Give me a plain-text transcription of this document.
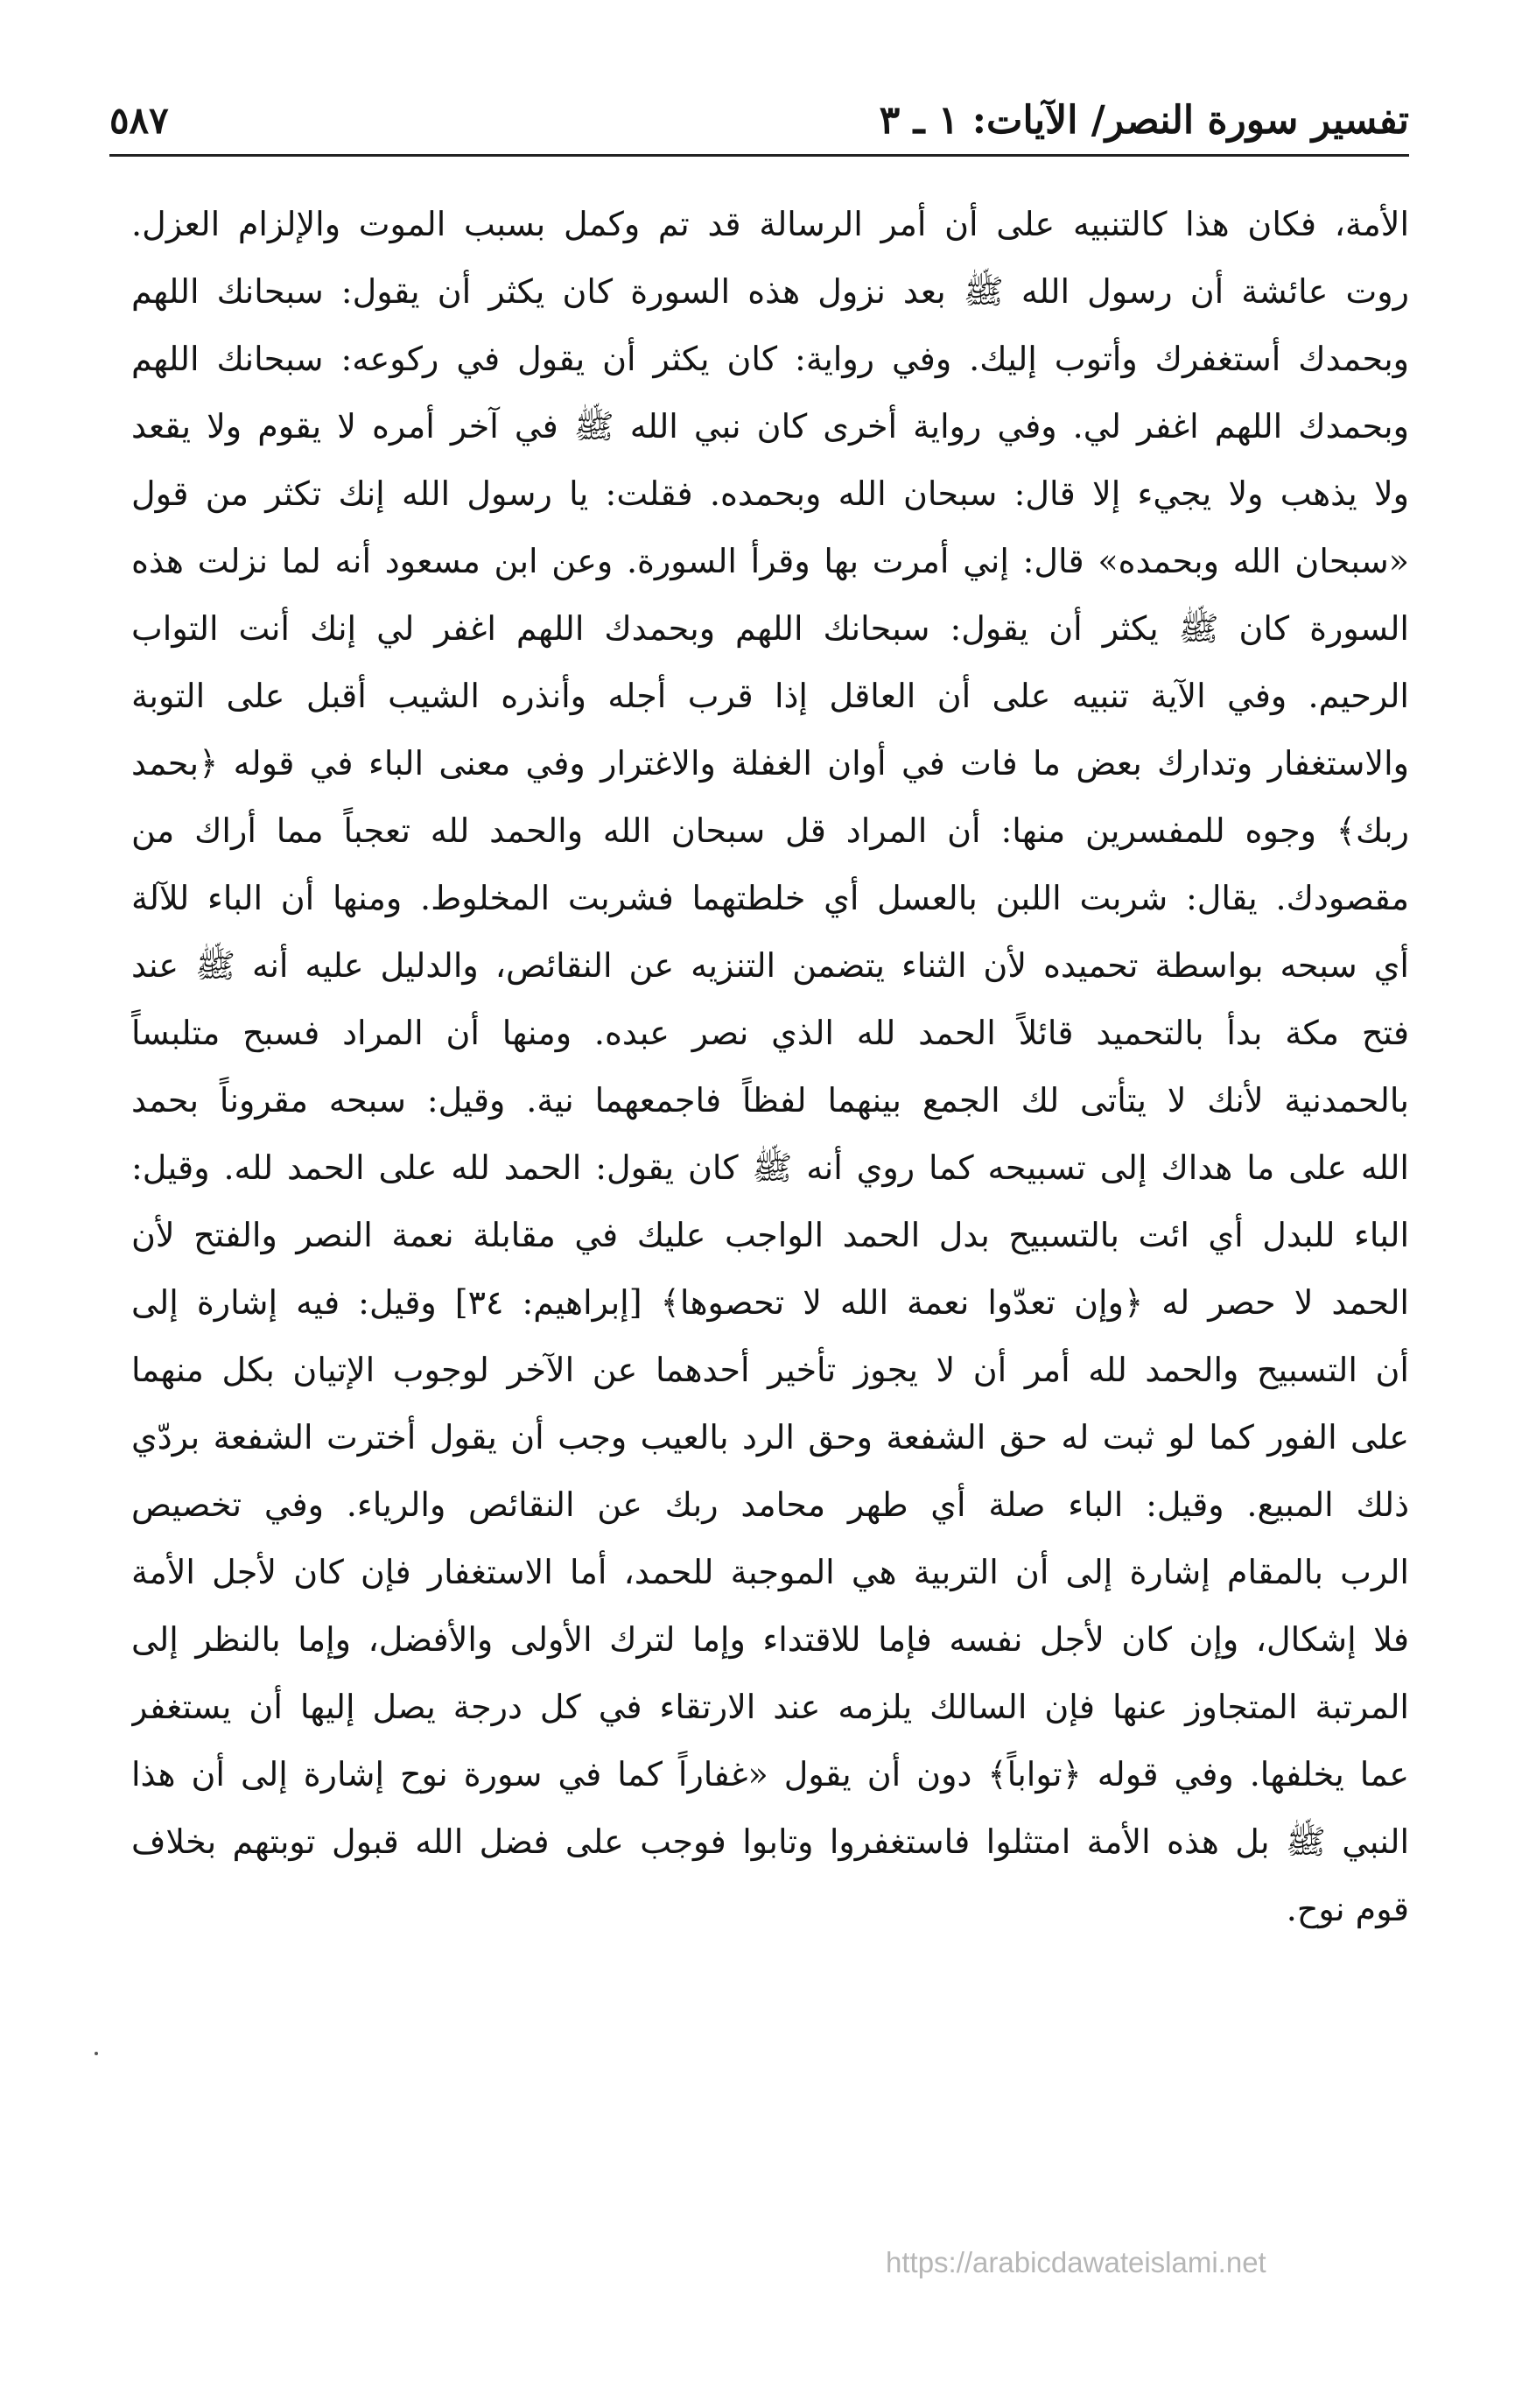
تفسير سورة النصر/ الآيات: ١ ـ ٣
٥٨٧
الأمة، فكان هذا كالتنبيه على أن أمر الرسالة قد تم وكمل بسبب الموت والإلزام العزل.
روت عائشة أن رسول الله ﷺ بعد نزول هذه السورة كان يكثر أن يقول: سبحانك اللهم
وبحمدك أستغفرك وأتوب إليك. وفي رواية: كان يكثر أن يقول في ركوعه: سبحانك اللهم
وبحمدك اللهم اغفر لي. وفي رواية أخرى كان نبي الله ﷺ في آخر أمره لا يقوم ولا يقعد
ولا يذهب ولا يجيء إلا قال: سبحان الله وبحمده. فقلت: يا رسول الله إنك تكثر من قول
«سبحان الله وبحمده» قال: إني أمرت بها وقرأ السورة. وعن ابن مسعود أنه لما نزلت هذه
السورة كان ﷺ يكثر أن يقول: سبحانك اللهم وبحمدك اللهم اغفر لي إنك أنت التواب
الرحيم. وفي الآية تنبيه على أن العاقل إذا قرب أجله وأنذره الشيب أقبل على التوبة
والاستغفار وتدارك بعض ما فات في أوان الغفلة والاغترار وفي معنى الباء في قوله ﴿بحمد
ربك﴾ وجوه للمفسرين منها: أن المراد قل سبحان الله والحمد لله تعجباً مما أراك من
مقصودك. يقال: شربت اللبن بالعسل أي خلطتهما فشربت المخلوط. ومنها أن الباء للآلة
أي سبحه بواسطة تحميده لأن الثناء يتضمن التنزيه عن النقائص، والدليل عليه أنه ﷺ عند
فتح مكة بدأ بالتحميد قائلاً الحمد لله الذي نصر عبده. ومنها أن المراد فسبح متلبساً
بالحمدنية لأنك لا يتأتى لك الجمع بينهما لفظاً فاجمعهما نية. وقيل: سبحه مقروناً بحمد
الله على ما هداك إلى تسبيحه كما روي أنه ﷺ كان يقول: الحمد لله على الحمد لله. وقيل:
الباء للبدل أي ائت بالتسبيح بدل الحمد الواجب عليك في مقابلة نعمة النصر والفتح لأن
الحمد لا حصر له ﴿وإن تعدّوا نعمة الله لا تحصوها﴾ [إبراهيم: ٣٤] وقيل: فيه إشارة إلى
أن التسبيح والحمد لله أمر أن لا يجوز تأخير أحدهما عن الآخر لوجوب الإتيان بكل منهما
على الفور كما لو ثبت له حق الشفعة وحق الرد بالعيب وجب أن يقول أخترت الشفعة بردّي
ذلك المبيع. وقيل: الباء صلة أي طهر محامد ربك عن النقائص والرياء. وفي تخصيص
الرب بالمقام إشارة إلى أن التربية هي الموجبة للحمد، أما الاستغفار فإن كان لأجل الأمة
فلا إشكال، وإن كان لأجل نفسه فإما للاقتداء وإما لترك الأولى والأفضل، وإما بالنظر إلى
المرتبة المتجاوز عنها فإن السالك يلزمه عند الارتقاء في كل درجة يصل إليها أن يستغفر
عما يخلفها. وفي قوله ﴿تواباً﴾ دون أن يقول «غفاراً كما في سورة نوح إشارة إلى أن هذا
النبي ﷺ بل هذه الأمة امتثلوا فاستغفروا وتابوا فوجب على فضل الله قبول توبتهم بخلاف
قوم نوح.
https://arabicdawateislami.net
